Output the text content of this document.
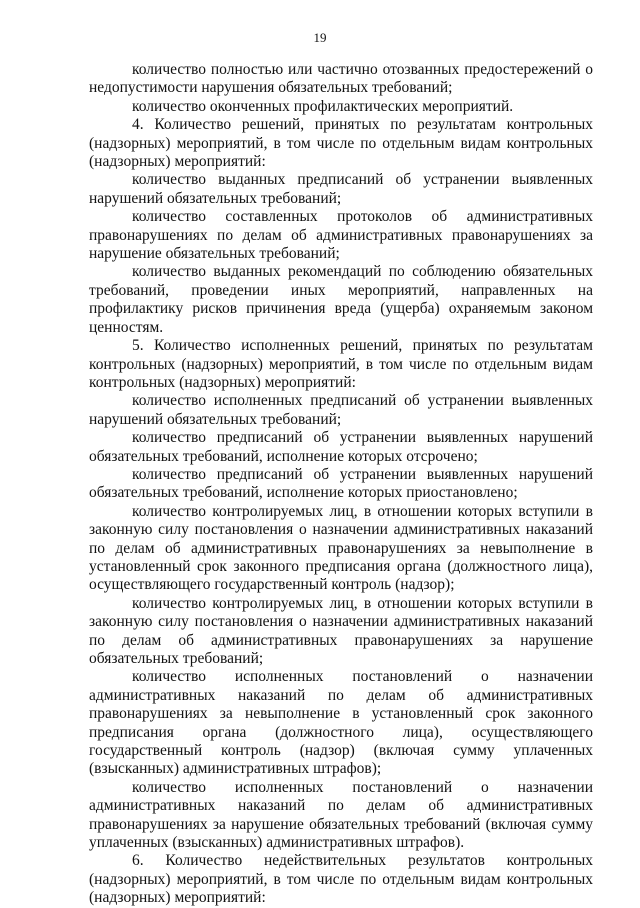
19

количество полностью или частично отозванных предостережений о недопустимости нарушения обязательных требований;

количество оконченных профилактических мероприятий.

4. Количество решений, принятых по результатам контрольных (надзорных) мероприятий, в том числе по отдельным видам контрольных (надзорных) мероприятий:

количество выданных предписаний об устранении выявленных нарушений обязательных требований;

количество составленных протоколов об административных правонарушениях по делам об административных правонарушениях за нарушение обязательных требований;

количество выданных рекомендаций по соблюдению обязательных требований, проведении иных мероприятий, направленных на профилактику рисков причинения вреда (ущерба) охраняемым законом ценностям.

5. Количество исполненных решений, принятых по результатам контрольных (надзорных) мероприятий, в том числе по отдельным видам контрольных (надзорных) мероприятий:

количество исполненных предписаний об устранении выявленных нарушений обязательных требований;

количество предписаний об устранении выявленных нарушений обязательных требований, исполнение которых отсрочено;

количество предписаний об устранении выявленных нарушений обязательных требований, исполнение которых приостановлено;

количество контролируемых лиц, в отношении которых вступили в законную силу постановления о назначении административных наказаний по делам об административных правонарушениях за невыполнение в установленный срок законного предписания органа (должностного лица), осуществляющего государственный контроль (надзор);

количество контролируемых лиц, в отношении которых вступили в законную силу постановления о назначении административных наказаний по делам об административных правонарушениях за нарушение обязательных требований;

количество исполненных постановлений о назначении административных наказаний по делам об административных правонарушениях за невыполнение в установленный срок законного предписания органа (должностного лица), осуществляющего государственный контроль (надзор) (включая сумму уплаченных (взысканных) административных штрафов);

количество исполненных постановлений о назначении административных наказаний по делам об административных правонарушениях за нарушение обязательных требований (включая сумму уплаченных (взысканных) административных штрафов).

6. Количество недействительных результатов контрольных (надзорных) мероприятий, в том числе по отдельным видам контрольных (надзорных) мероприятий:
